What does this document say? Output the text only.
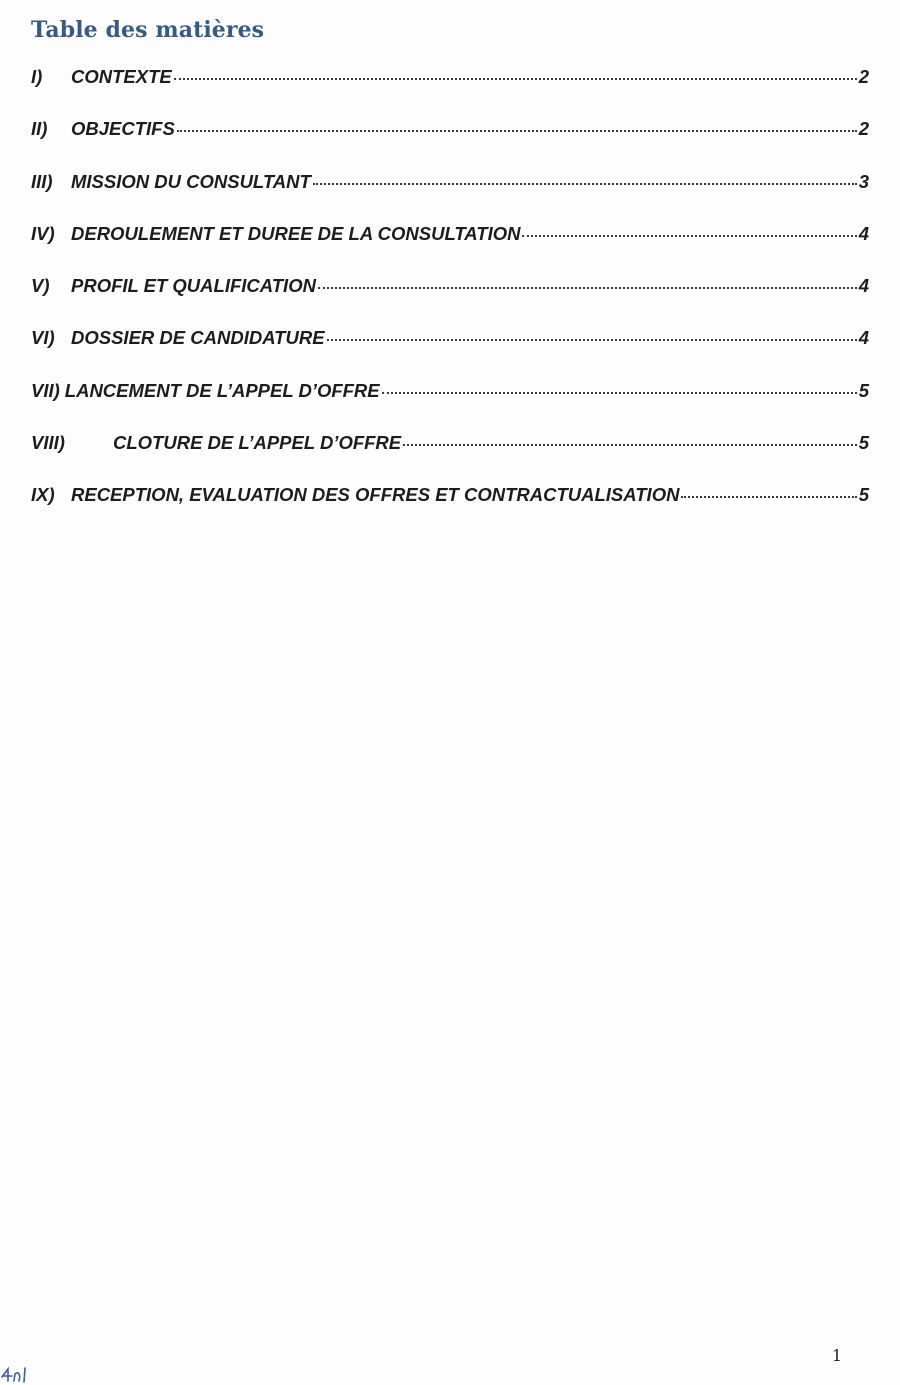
Table des matières
I)	CONTEXTE	2
II)	OBJECTIFS	2
III) MISSION DU CONSULTANT	3
IV) DEROULEMENT ET DUREE DE LA CONSULTATION	4
V)	PROFIL ET QUALIFICATION	4
VI) DOSSIER DE CANDIDATURE	4
VII) LANCEMENT DE L’APPEL D’OFFRE	5
VIII)	CLOTURE DE L’APPEL D’OFFRE	5
IX) RECEPTION, EVALUATION DES OFFRES ET CONTRACTUALISATION	5
1
